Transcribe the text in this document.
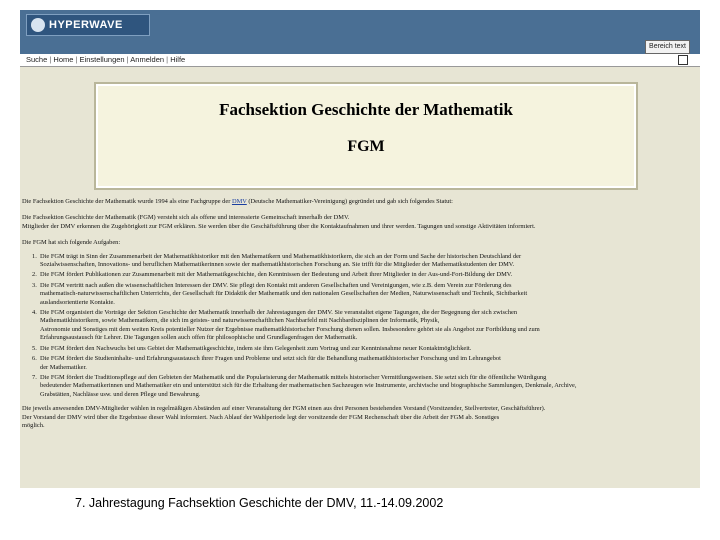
HYPERWAVE
Bereich text
Suche | Home | Einstellungen | Anmelden | Hilfe
Fachsektion Geschichte der Mathematik
FGM
Die Fachsektion Geschichte der Mathematik wurde 1994 als eine Fachgruppe der DMV (Deutsche Mathematiker-Vereinigung) gegründet und gab sich folgendes Statut:
Die Fachsektion Geschichte der Mathematik (FGM) versteht sich als offene und interessierte Gemeinschaft innerhalb der DMV.
Mitglieder der DMV erkennen die Zugehörigkeit zur FGM erklären. Sie werden über die Geschäftsführung über die Kontaktaufnahmen und ihrer werden. Tagungen und sonstige Aktivitäten informiert.
Die FGM hat sich folgende Aufgaben:
1. Die FGM trägt in Sinn der Zusammenarbeit der Mathematikhistoriker mit den Mathematikern und Mathematikhistorikern, die sich an der Form und Sache der historischen Deutschland der
Sozialwissenschaften, Innovations- und beruflichen Mathematikerinnen sowie der mathematikhistorischen Forschung an. Sie trifft für die Mitglieder der Mathematikstudenten der DMV.
2. Die FGM fördert Publikationen zur Zusammenarbeit mit der Mathematikgeschichte, den Kenntnissen der Bedeutung und Arbeit ihrer Mitglieder in der Aus-und-Fort-Bildung der DMV.
3. Die FGM vertritt nach außen die wissenschaftlichen Interessen der DMV. Sie pflegt den Kontakt mit anderen Gesellschaften und Vereinigungen, wie z.B. dem Verein zur Förderung des
mathematisch-naturwissenschaftlichen Unterrichts, der Gesellschaft für Didaktik der Mathematik und den nationalen Gesellschaften der Medien, Naturwissenschaft und Technik, Sichtbarkeit
auslandsorientierte Kontakte.
4. Die FGM organisiert die Vorträge der Sektion Geschichte der Mathematik innerhalb der Jahrestagungen der DMV. Sie veranstaltet eigene Tagungen, die der Begegnung der sich zwischen
Mathematikhistorikern, sowie Mathematikern, die sich im geistes- und naturwissenschaftlichen Nachbarfeld mit Nachbardisziplinen der Informatik, Physik,
Astronomie und Sonstiges mit dem weiten Kreis potentieller Nutzer der Ergebnisse mathematikhistorischer Forschung dienen sollen. Insbesondere gehört sie als Angebot zur Fortbildung und zum
Erfahrungsaustausch für Lehrer. Die Tagungen sollen auch offen für philosophische und Grundlagenfragen der Mathematik.
5. Die FGM fördert den Nachwuchs bei uns Gebiet der Mathematikgeschichte, indem sie ihm Gelegenheit zum Vortrag und zur Kenntnisnahme neuer Kontaktmöglichkeit.
6. Die FGM fördert die Studieninhalte- und Erfahrungsaustausch ihrer Fragen und Probleme und setzt sich für die Behandlung mathematikhistorischer Forschung und im Lehrangebot
der Mathematiker.
7. Die FGM fördert die Traditionspflege auf den Gebieten der Mathematik und die Popularisierung der Mathematik mittels historischer Vermittlungsweisen. Sie setzt sich für die öffentliche Würdigung
bedeutender Mathematikerinnen und Mathematiker ein und unterstützt sich für die Erhaltung der mathematischen Sachzeugen wie Instrumente, archivische und biographische Sammlungen, Denkmale, Archive,
Grabstätten, Nachlässe usw. und deren Pflege und Bewahrung.
Die jeweils anwesenden DMV-Mitglieder wählen in regelmäßigen Abständen auf einer Veranstaltung der FGM einen aus drei Personen bestehenden Vorstand (Vorsitzender, Stellvertreter, Geschäftsführer).
Der Vorstand der DMV wird über die Ergebnisse dieser Wahl informiert. Nach Ablauf der Wahlperiode legt der vorsitzende der FGM Rechenschaft über die Arbeit der FGM ab. Sonstiges
möglich.
7. Jahrestagung Fachsektion Geschichte der DMV, 11.-14.09.2002
